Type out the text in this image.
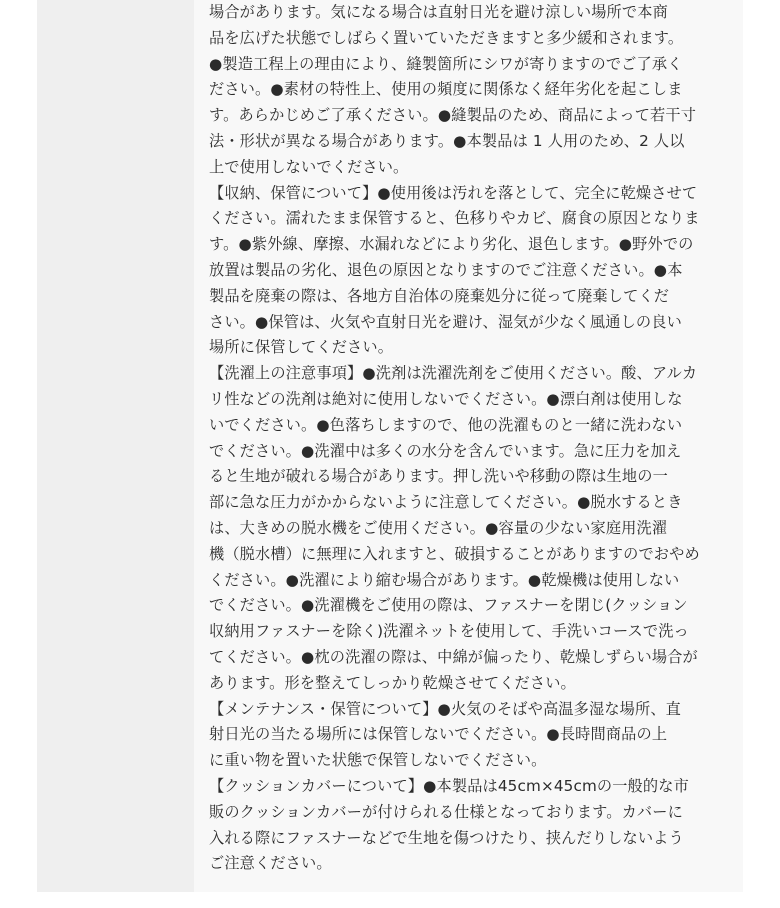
場合があります。気になる場合は直射日光を避け涼しい場所で本商
品を広げた状態でしばらく置いていただきますと多少緩和されます。
●製造工程上の理由により、縫製箇所にシワが寄りますのでご了承く
ださい。●素材の特性上、使用の頻度に関係なく経年劣化を起こしま
す。あらかじめご了承ください。●縫製品のため、商品によって若干寸
法・形状が異なる場合があります。●本製品は 1 人用のため、2 人以
上で使用しないでください。
【収納、保管について】●使用後は汚れを落として、完全に乾燥させて
ください。濡れたまま保管すると、色移りやカビ、腐食の原因となりま
す。●紫外線、摩擦、水漏れなどにより劣化、退色します。●野外での
放置は製品の劣化、退色の原因となりますのでご注意ください。●本
製品を廃棄の際は、各地方自治体の廃棄処分に従って廃棄してくだ
さい。●保管は、火気や直射日光を避け、湿気が少なく風通しの良い
場所に保管してください。
【洗濯上の注意事項】●洗剤は洗濯洗剤をご使用ください。酸、アルカ
リ性などの洗剤は絶対に使用しないでください。●漂白剤は使用しな
いでください。●色落ちしますので、他の洗濯ものと一緒に洗わない
でください。●洗濯中は多くの水分を含んでいます。急に圧力を加え
ると生地が破れる場合があります。押し洗いや移動の際は生地の一
部に急な圧力がかからないように注意してください。●脱水するとき
は、大きめの脱水機をご使用ください。●容量の少ない家庭用洗濯
機（脱水槽）に無理に入れますと、破損することがありますのでおやめ
ください。●洗濯により縮む場合があります。●乾燥機は使用しない
でください。●洗濯機をご使用の際は、ファスナーを閉じ(クッション
収納用ファスナーを除く)洗濯ネットを使用して、手洗いコースで洗っ
てください。●枕の洗濯の際は、中綿が偏ったり、乾燥しずらい場合が
あります。形を整えてしっかり乾燥させてください。
【メンテナンス・保管について】●火気のそばや高温多湿な場所、直
射日光の当たる場所には保管しないでください。●長時間商品の上
に重い物を置いた状態で保管しないでください。
【クッションカバーについて】●本製品は45cm×45cmの一般的な市
販のクッションカバーが付けられる仕様となっております。カバーに
入れる際にファスナーなどで生地を傷つけたり、挟んだりしないよう
ご注意ください。
